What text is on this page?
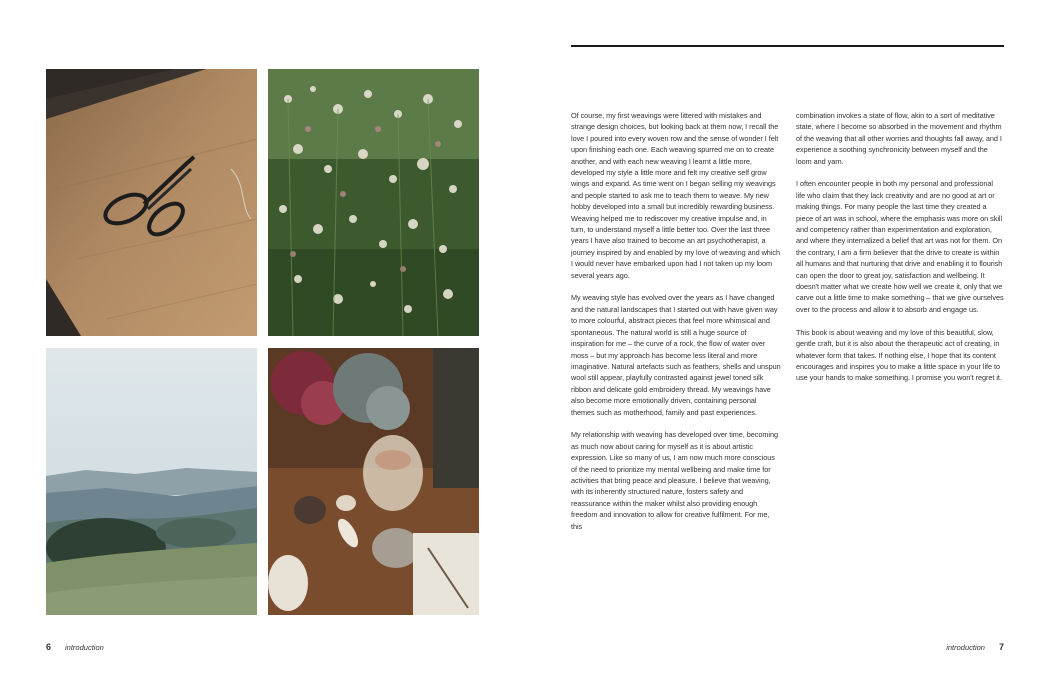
Of course, my first weavings were littered with mistakes and strange design choices, but looking back at them now, I recall the love I poured into every woven row and the sense of wonder I felt upon finishing each one. Each weaving spurred me on to create another, and with each new weaving I learnt a little more, developed my style a little more and felt my creative self grow wings and expand. As time went on I began selling my weavings and people started to ask me to teach them to weave. My new hobby developed into a small but incredibly rewarding business. Weaving helped me to rediscover my creative impulse and, in turn, to understand myself a little better too. Over the last three years I have also trained to become an art psychotherapist, a journey inspired by and enabled by my love of weaving and which I would never have embarked upon had I not taken up my loom several years ago.

My weaving style has evolved over the years as I have changed and the natural landscapes that I started out with have given way to more colourful, abstract pieces that feel more whimsical and spontaneous. The natural world is still a huge source of inspiration for me – the curve of a rock, the flow of water over moss – but my approach has become less literal and more imaginative. Natural artefacts such as feathers, shells and unspun wool still appear, playfully contrasted against jewel toned silk ribbon and delicate gold embroidery thread. My weavings have also become more emotionally driven, containing personal themes such as motherhood, family and past experiences.

My relationship with weaving has developed over time, becoming as much now about caring for myself as it is about artistic expression. Like so many of us, I am now much more conscious of the need to prioritize my mental wellbeing and make time for activities that bring peace and pleasure. I believe that weaving, with its inherently structured nature, fosters safety and reassurance within the maker whilst also providing enough freedom and innovation to allow for creative fulfilment. For me, this

combination invokes a state of flow, akin to a sort of meditative state, where I become so absorbed in the movement and rhythm of the weaving that all other worries and thoughts fall away, and I experience a soothing synchronicity between myself and the loom and yarn.

I often encounter people in both my personal and professional life who claim that they lack creativity and are no good at art or making things. For many people the last time they created a piece of art was in school, where the emphasis was more on skill and competency rather than experimentation and exploration, and where they internalized a belief that art was not for them. On the contrary, I am a firm believer that the drive to create is within all humans and that nurturing that drive and enabling it to flourish can open the door to great joy, satisfaction and wellbeing. It doesn't matter what we create how well we create it, only that we carve out a little time to make something – that we give ourselves over to the process and allow it to absorb and engage us.

This book is about weaving and my love of this beautiful, slow, gentle craft, but it is also about the therapeutic act of creating, in whatever form that takes. If nothing else, I hope that its content encourages and inspires you to make a little space in your life to use your hands to make something. I promise you won't regret it.

6 introduction	introduction 7
